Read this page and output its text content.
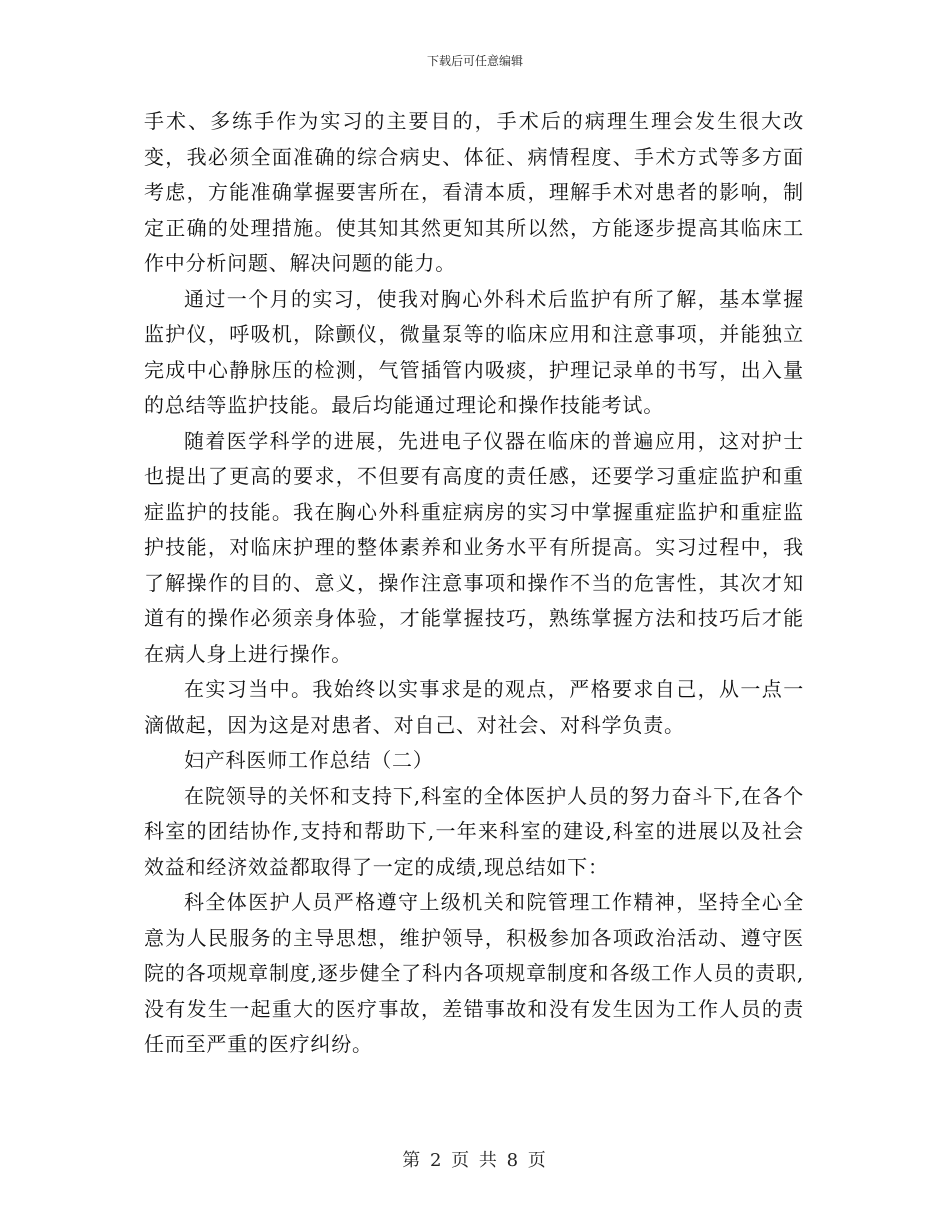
下载后可任意编辑

手术、多练手作为实习的主要目的，手术后的病理生理会发生很大改变，我必须全面准确的综合病史、体征、病情程度、手术方式等多方面考虑，方能准确掌握要害所在，看清本质，理解手术对患者的影响，制定正确的处理措施。使其知其然更知其所以然，方能逐步提高其临床工作中分析问题、解决问题的能力。

通过一个月的实习，使我对胸心外科术后监护有所了解，基本掌握监护仪，呼吸机，除颤仪，微量泵等的临床应用和注意事项，并能独立完成中心静脉压的检测，气管插管内吸痰，护理记录单的书写，出入量的总结等监护技能。最后均能通过理论和操作技能考试。

随着医学科学的进展，先进电子仪器在临床的普遍应用，这对护士也提出了更高的要求，不但要有高度的责任感，还要学习重症监护和重症监护的技能。我在胸心外科重症病房的实习中掌握重症监护和重症监护技能，对临床护理的整体素养和业务水平有所提高。实习过程中，我了解操作的目的、意义，操作注意事项和操作不当的危害性，其次才知道有的操作必须亲身体验，才能掌握技巧，熟练掌握方法和技巧后才能在病人身上进行操作。

在实习当中。我始终以实事求是的观点，严格要求自己，从一点一滴做起，因为这是对患者、对自己、对社会、对科学负责。

妇产科医师工作总结（二）

在院领导的关怀和支持下,科室的全体医护人员的努力奋斗下,在各个科室的团结协作,支持和帮助下,一年来科室的建设,科室的进展以及社会效益和经济效益都取得了一定的成绩,现总结如下：

科全体医护人员严格遵守上级机关和院管理工作精神，坚持全心全意为人民服务的主导思想，维护领导，积极参加各项政治活动、遵守医院的各项规章制度,逐步健全了科内各项规章制度和各级工作人员的责职,没有发生一起重大的医疗事故，差错事故和没有发生因为工作人员的责任而至严重的医疗纠纷。

第 2 页 共 8 页
